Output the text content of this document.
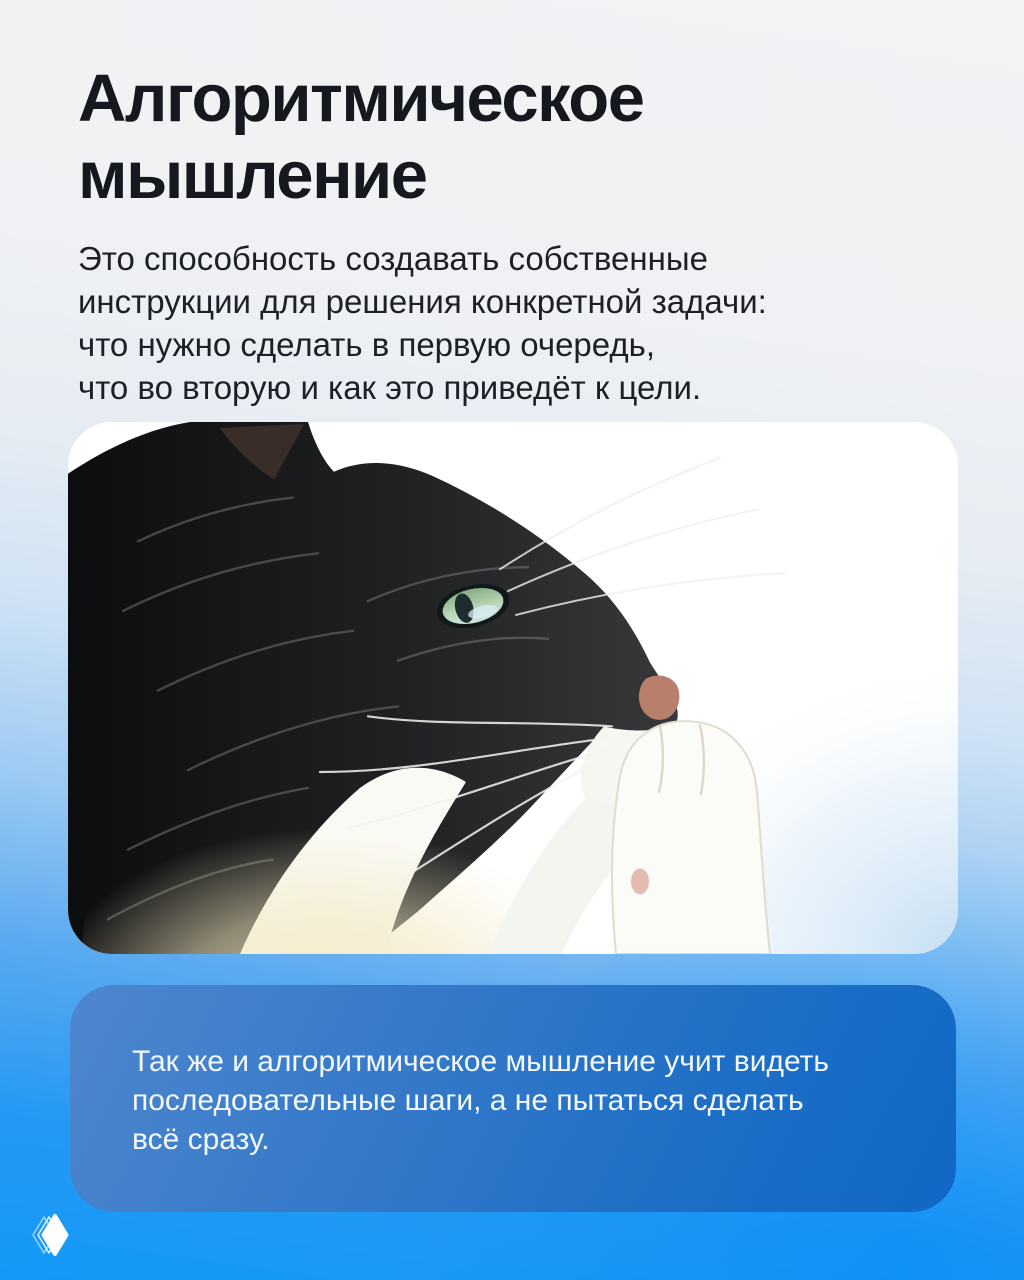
Алгоритмическое
мышление

Это способность создавать собственные
инструкции для решения конкретной задачи:
что нужно сделать в первую очередь,
что во вторую и как это приведёт к цели.

Так же и алгоритмическое мышление учит видеть
последовательные шаги, а не пытаться сделать
всё сразу.
